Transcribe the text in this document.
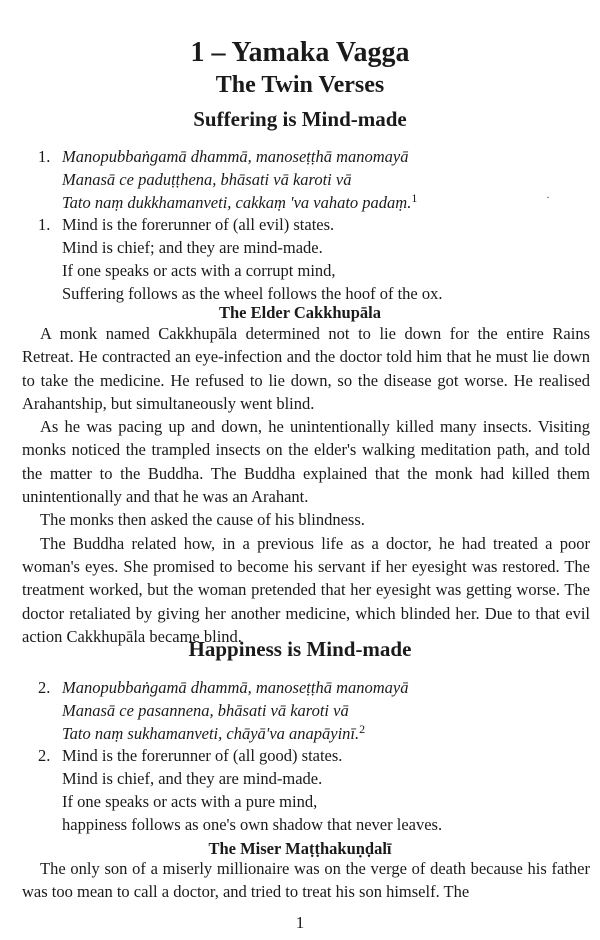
1 – Yamaka Vagga
The Twin Verses
Suffering is Mind-made
1. Manopubbaṅgamā dhammā, manoseṭṭhā manomayā
Manasā ce paduṭṭhena, bhāsati vā karoti vā
Tato naṃ dukkhamanveti, cakkaṃ 'va vahato padaṃ.$^1$	·
1. Mind is the forerunner of (all evil) states.
Mind is chief; and they are mind-made.
If one speaks or acts with a corrupt mind,
Suffering follows as the wheel follows the hoof of the ox.
The Elder Cakkhupāla

A monk named Cakkhupāla determined not to lie down for the entire Rains Retreat. He contracted an eye-infection and the doctor told him that he must lie down to take the medicine. He refused to lie down, so the disease got worse. He realised Arahantship, but simultaneously went blind.

As he was pacing up and down, he unintentionally killed many insects. Visiting monks noticed the trampled insects on the elder's walking meditation path, and told the matter to the Buddha. The Buddha explained that the monk had killed them unintentionally and that he was an Arahant.

The monks then asked the cause of his blindness.

The Buddha related how, in a previous life as a doctor, he had treated a poor woman's eyes. She promised to become his servant if her eyesight was restored. The treatment worked, but the woman pretended that her eyesight was getting worse. The doctor retaliated by giving her another medicine, which blinded her. Due to that evil action Cakkhupāla became blind.

Happiness is Mind-made
2. Manopubbaṅgamā dhammā, manoseṭṭhā manomayā
Manasā ce pasannena, bhāsati vā karoti vā
Tato naṃ sukhamanveti, chāyā'va anapāyinī.$^2$
2. Mind is the forerunner of (all good) states.
Mind is chief, and they are mind-made.
If one speaks or acts with a pure mind,
happiness follows as one's own shadow that never leaves.
The Miser Maṭṭhakuṇḍalī

The only son of a miserly millionaire was on the verge of death because his father was too mean to call a doctor, and tried to treat his son himself. The

1
